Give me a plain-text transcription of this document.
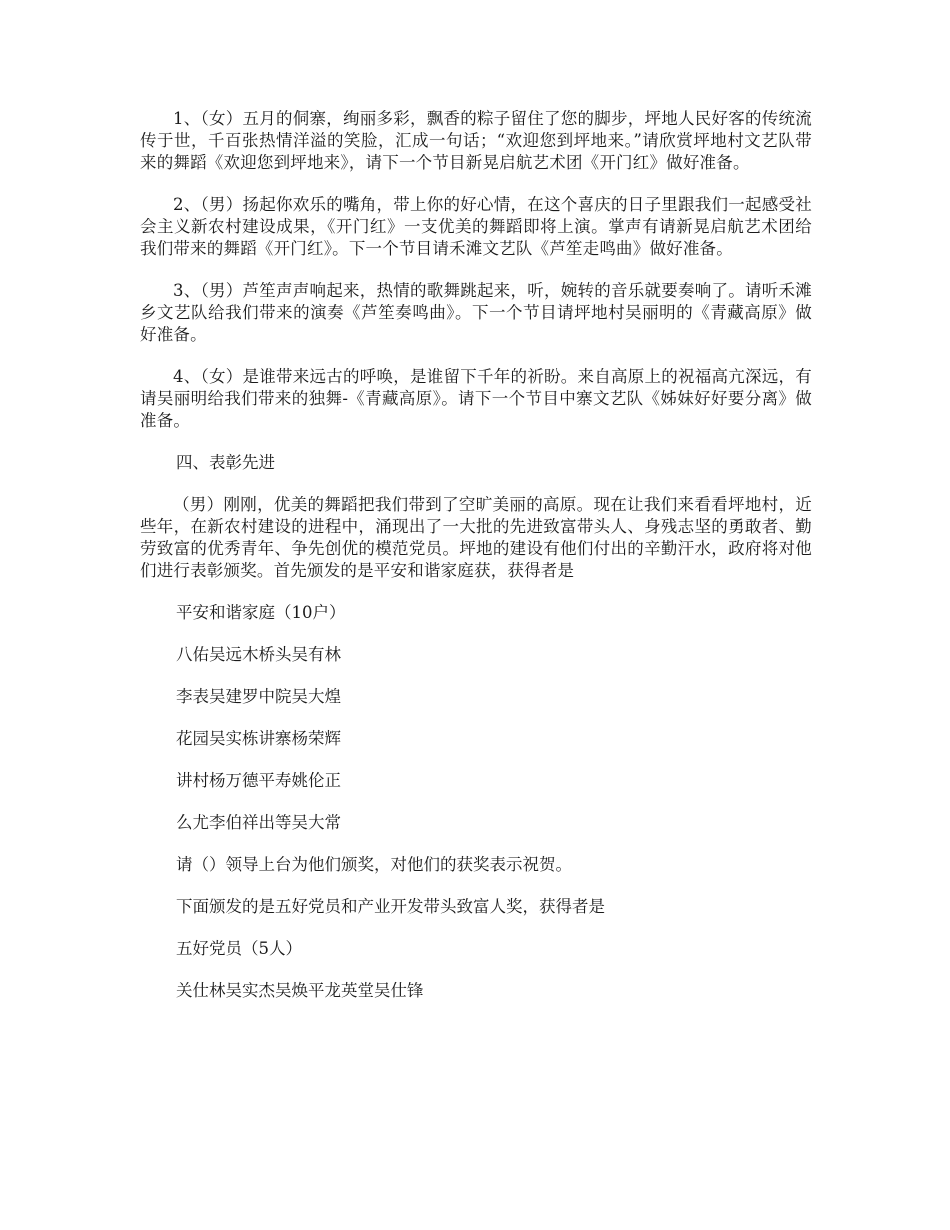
1、（女）五月的侗寨，绚丽多彩，飘香的粽子留住了您的脚步，坪地人民好客的传统流传于世，千百张热情洋溢的笑脸，汇成一句话；“欢迎您到坪地来。”请欣赏坪地村文艺队带来的舞蹈《欢迎您到坪地来》，请下一个节目新晃启航艺术团《开门红》做好准备。

2、（男）扬起你欢乐的嘴角，带上你的好心情，在这个喜庆的日子里跟我们一起感受社会主义新农村建设成果，《开门红》一支优美的舞蹈即将上演。掌声有请新晃启航艺术团给我们带来的舞蹈《开门红》。下一个节目请禾滩文艺队《芦笙走鸣曲》做好准备。

3、（男）芦笙声声响起来，热情的歌舞跳起来，听，婉转的音乐就要奏响了。请听禾滩乡文艺队给我们带来的演奏《芦笙奏鸣曲》。下一个节目请坪地村吴丽明的《青藏高原》做好准备。

4、（女）是谁带来远古的呼唤，是谁留下千年的祈盼。来自高原上的祝福高亢深远，有请吴丽明给我们带来的独舞-《青藏高原》。请下一个节目中寨文艺队《姊妹好好要分离》做准备。

四、表彰先进

（男）刚刚，优美的舞蹈把我们带到了空旷美丽的高原。现在让我们来看看坪地村，近些年，在新农村建设的进程中，涌现出了一大批的先进致富带头人、身残志坚的勇敢者、勤劳致富的优秀青年、争先创优的模范党员。坪地的建设有他们付出的辛勤汗水，政府将对他们进行表彰颁奖。首先颁发的是平安和谐家庭获，获得者是

平安和谐家庭（10户）

八佑吴远木桥头吴有林

李表吴建罗中院吴大煌

花园吴实栋讲寨杨荣辉

讲村杨万德平寿姚伦正

么尤李伯祥出等吴大常

请（）领导上台为他们颁奖，对他们的获奖表示祝贺。

下面颁发的是五好党员和产业开发带头致富人奖，获得者是

五好党员（5人）

关仕林吴实杰吴焕平龙英堂吴仕锋
